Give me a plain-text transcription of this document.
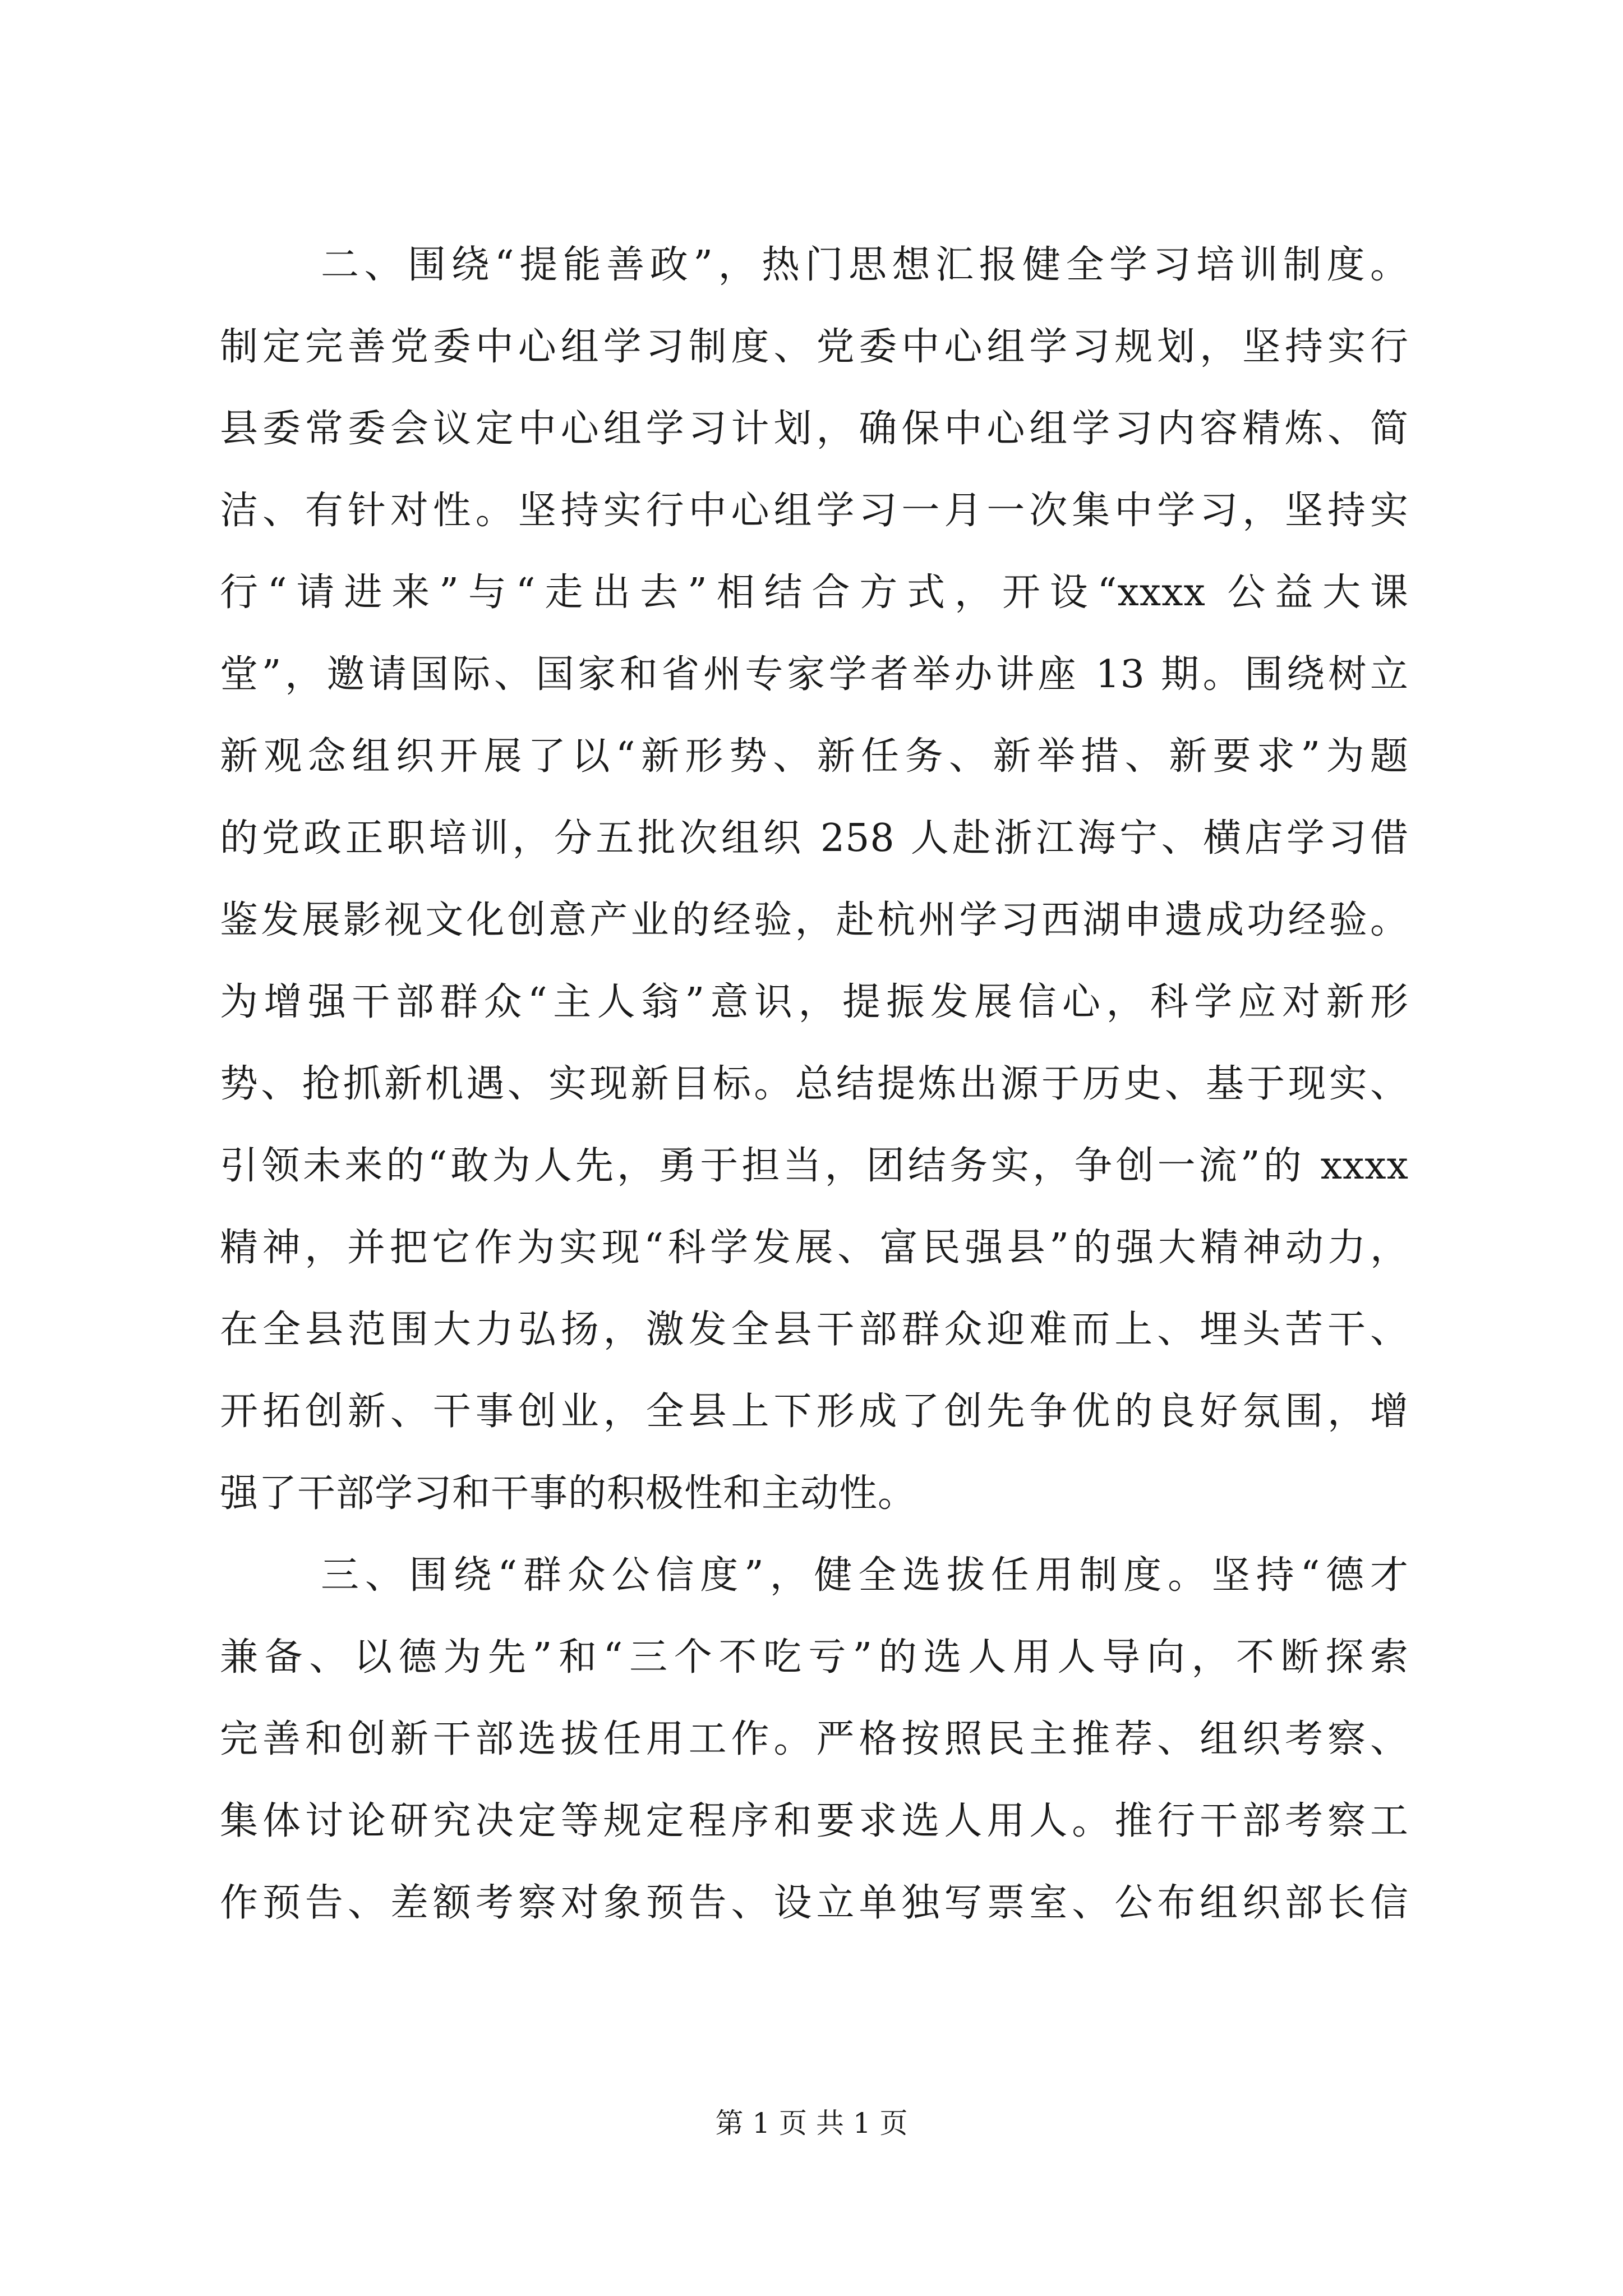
二、围绕“提能善政”，热门思想汇报健全学习培训制度。
制定完善党委中心组学习制度、党委中心组学习规划，坚持实行
县委常委会议定中心组学习计划，确保中心组学习内容精炼、简
洁、有针对性。坚持实行中心组学习一月一次集中学习，坚持实
行“请进来”与“走出去”相结合方式，开设“xxxx 公益大课
堂”，邀请国际、国家和省州专家学者举办讲座 13 期。围绕树立
新观念组织开展了以“新形势、新任务、新举措、新要求”为题
的党政正职培训，分五批次组织 258 人赴浙江海宁、横店学习借
鉴发展影视文化创意产业的经验，赴杭州学习西湖申遗成功经验。
为增强干部群众“主人翁”意识，提振发展信心，科学应对新形
势、抢抓新机遇、实现新目标。总结提炼出源于历史、基于现实、
引领未来的“敢为人先，勇于担当，团结务实，争创一流”的 xxxx
精神，并把它作为实现“科学发展、富民强县”的强大精神动力，
在全县范围大力弘扬，激发全县干部群众迎难而上、埋头苦干、
开拓创新、干事创业，全县上下形成了创先争优的良好氛围，增
强了干部学习和干事的积极性和主动性。
三、围绕“群众公信度”，健全选拔任用制度。坚持“德才
兼备、以德为先”和“三个不吃亏”的选人用人导向，不断探索
完善和创新干部选拔任用工作。严格按照民主推荐、组织考察、
集体讨论研究决定等规定程序和要求选人用人。推行干部考察工
作预告、差额考察对象预告、设立单独写票室、公布组织部长信
第 1 页 共 1 页
